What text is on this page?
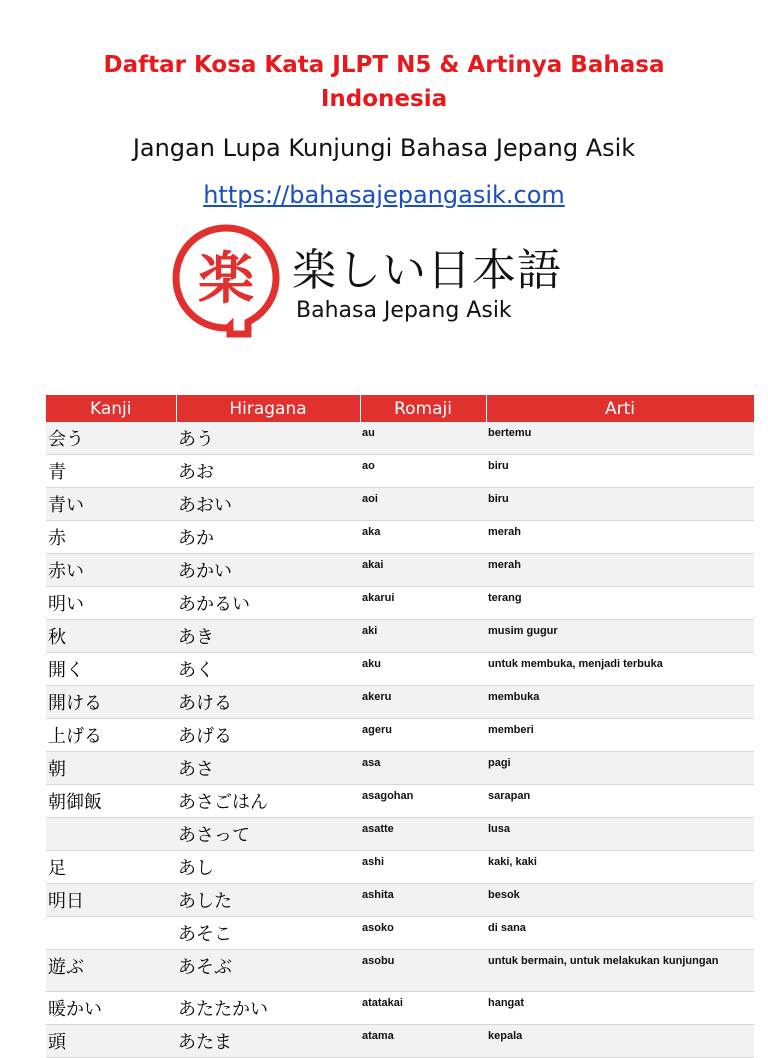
Daftar Kosa Kata JLPT N5 & Artinya Bahasa Indonesia
Jangan Lupa Kunjungi Bahasa Jepang Asik
https://bahasajepangasik.com
楽 楽しい日本語
Bahasa Jepang Asik
Kanji	Hiragana	Romaji	Arti
会う	あう	au	bertemu
青	あお	ao	biru
青い	あおい	aoi	biru
赤	あか	aka	merah
赤い	あかい	akai	merah
明い	あかるい	akarui	terang
秋	あき	aki	musim gugur
開く	あく	aku	untuk membuka, menjadi terbuka
開ける	あける	akeru	membuka
上げる	あげる	ageru	memberi
朝	あさ	asa	pagi
朝御飯	あさごはん	asagohan	sarapan
	あさって	asatte	lusa
足	あし	ashi	kaki, kaki
明日	あした	ashita	besok
	あそこ	asoko	di sana
遊ぶ	あそぶ	asobu	untuk bermain, untuk melakukan kunjungan
暖かい	あたたかい	atatakai	hangat
頭	あたま	atama	kepala
